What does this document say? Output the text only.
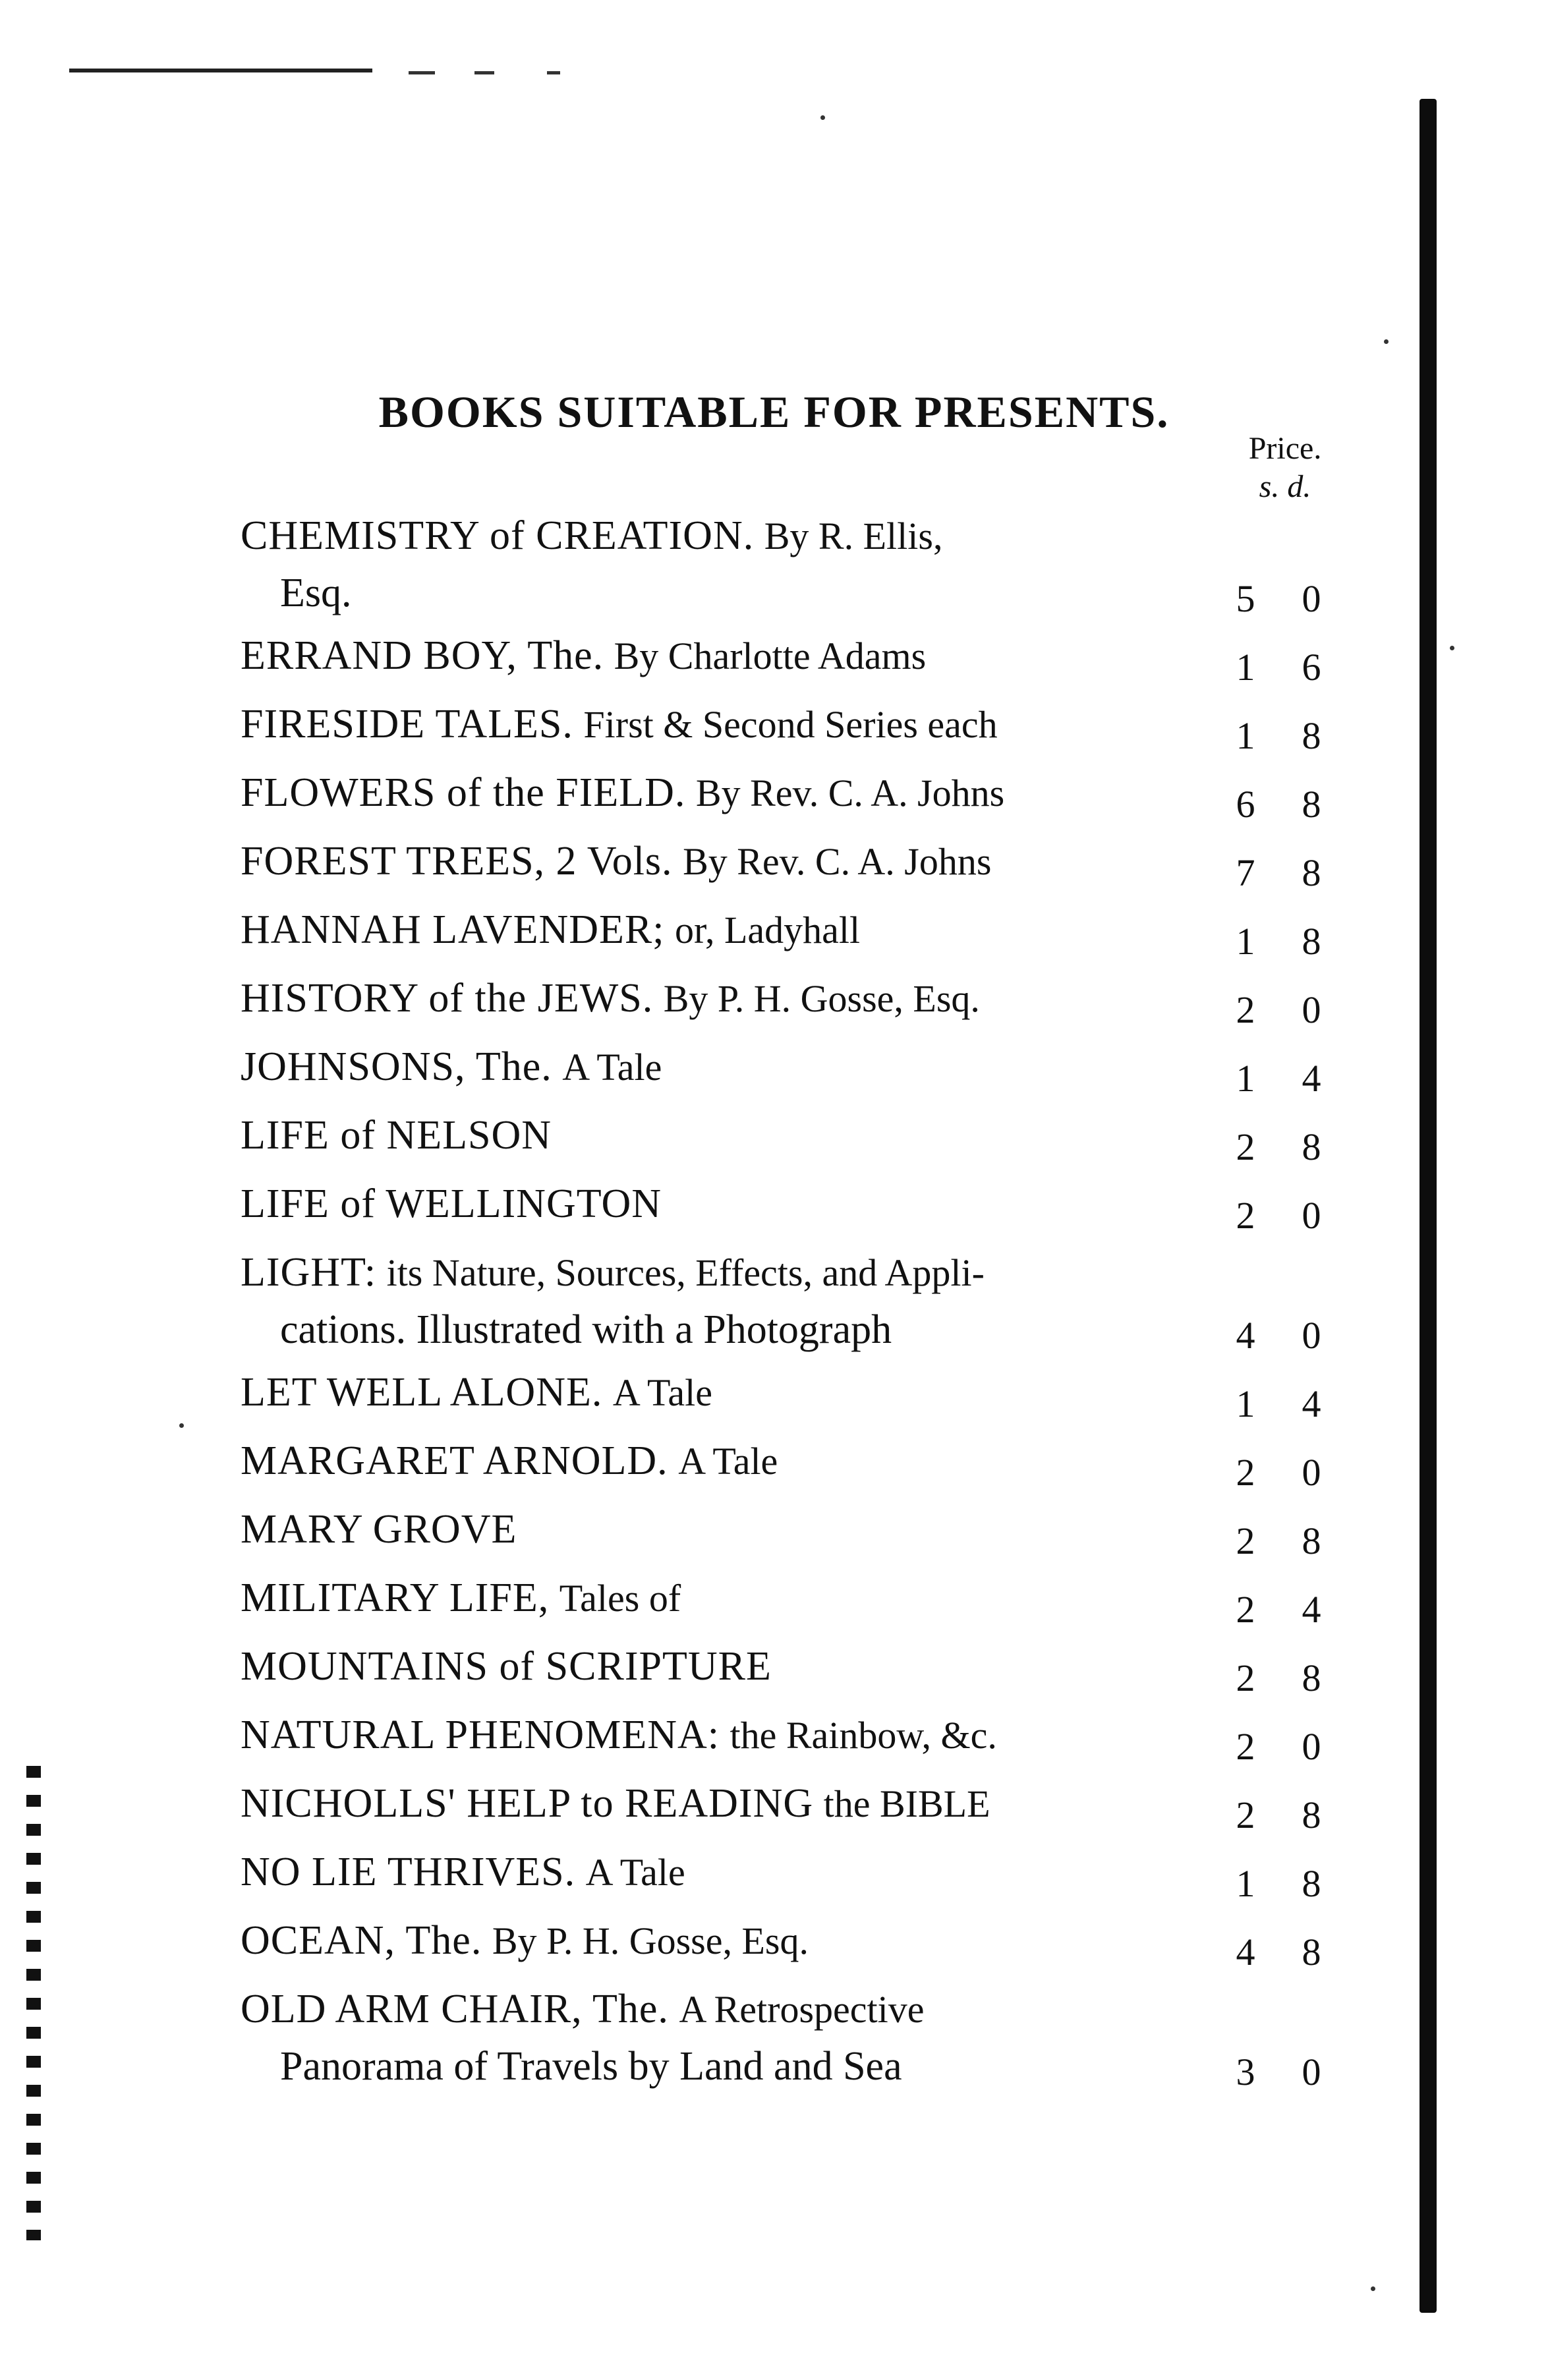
BOOKS SUITABLE FOR PRESENTS.
Price.
s. d.
CHEMISTRY of CREATION. By R. Ellis,
Esq.	5 0
ERRAND BOY, The. By Charlotte Adams	1 6
FIRESIDE TALES. First & Second Series each	1 8
FLOWERS of the FIELD. By Rev. C. A. Johns	6 8
FOREST TREES, 2 Vols. By Rev. C. A. Johns	7 8
HANNAH LAVENDER; or, Ladyhall	1 8
HISTORY of the JEWS. By P. H. Gosse, Esq.	2 0
JOHNSONS, The. A Tale	1 4
LIFE of NELSON	2 8
LIFE of WELLINGTON	2 0
LIGHT: its Nature, Sources, Effects, and Appli-
cations. Illustrated with a Photograph	4 0
LET WELL ALONE. A Tale	1 4
MARGARET ARNOLD. A Tale	2 0
MARY GROVE	2 8
MILITARY LIFE, Tales of	2 4
MOUNTAINS of SCRIPTURE	2 8
NATURAL PHENOMENA: the Rainbow, &c.	2 0
NICHOLLS' HELP to READING the BIBLE	2 8
NO LIE THRIVES. A Tale	1 8
OCEAN, The. By P. H. Gosse, Esq.	4 8
OLD ARM CHAIR, The. A Retrospective
Panorama of Travels by Land and Sea	3 0
